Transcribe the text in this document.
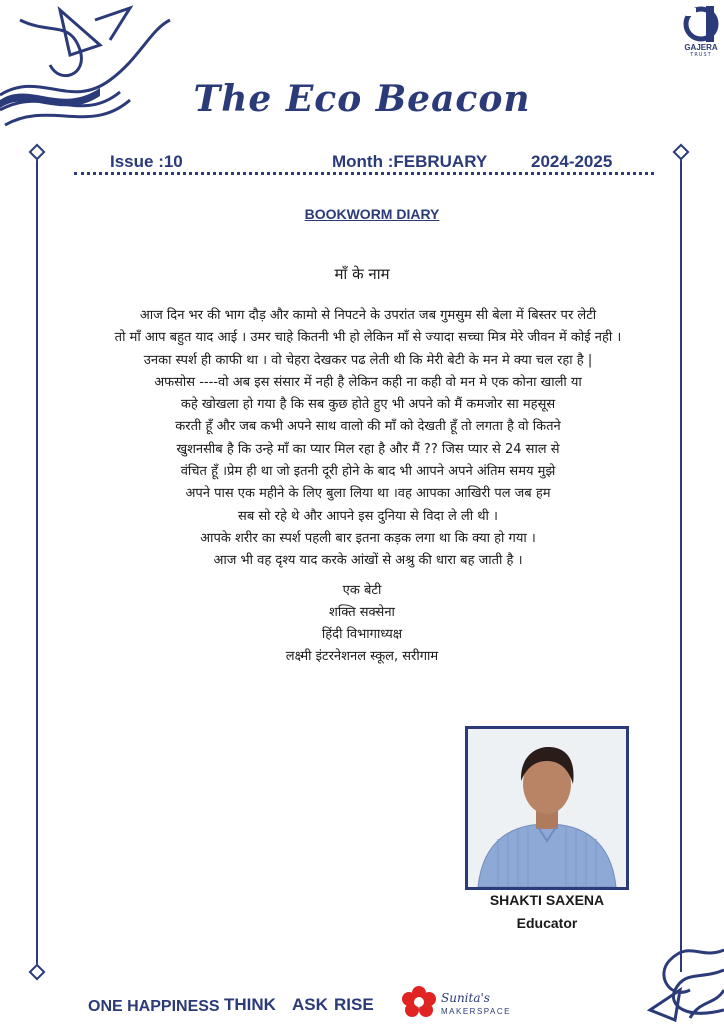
GAJERA
TRUST
The Eco Beacon
Issue :10	Month :FEBRUARY	2024-2025
BOOKWORM DIARY
माँ के नाम
आज दिन भर की भाग दौड़ और कामो से निपटने के उपरांत जब गुमसुम सी बेला में बिस्तर पर लेटी
तो माँ आप बहुत याद आई । उमर चाहे कितनी भी हो लेकिन माँ से ज्यादा सच्चा मित्र मेरे जीवन में कोई नही ।
उनका स्पर्श ही काफी था । वो चेहरा देखकर पढ लेती थी कि मेरी बेटी के मन मे क्या चल रहा है |
अफसोस ----वो अब इस संसार में नही है लेकिन कही ना कही वो मन मे एक कोना खाली या
कहे खोखला हो गया है कि सब कुछ होते हुए भी अपने को मैं कमजोर सा महसूस
करती हूँ और जब कभी अपने साथ वालो की माँ को देखती हूँ तो लगता है वो कितने
खुशनसीब है कि उन्हे माँ का प्यार मिल रहा है और मैं ?? जिस प्यार से 24 साल से
वंचित हूँ ।प्रेम ही था जो इतनी दूरी होने के बाद भी आपने अपने अंतिम समय मुझे
अपने पास एक महीने के लिए बुला लिया था ।वह आपका आखिरी पल जब हम
सब सो रहे थे और आपने इस दुनिया से विदा ले ली थी ।
आपके शरीर का स्पर्श पहली बार इतना कड़क लगा था कि क्या हो गया ।
आज भी वह दृश्य याद करके आंखों से अश्रु की धारा बह जाती है ।
एक बेटी
शक्ति सक्सेना
हिंदी विभागाध्यक्ष
लक्ष्मी इंटरनेशनल स्कूल, सरीगाम
SHAKTI SAXENA
Educator
ONE HAPPINESS THINK ASK RISE	Sunita's
MAKERSPACE
